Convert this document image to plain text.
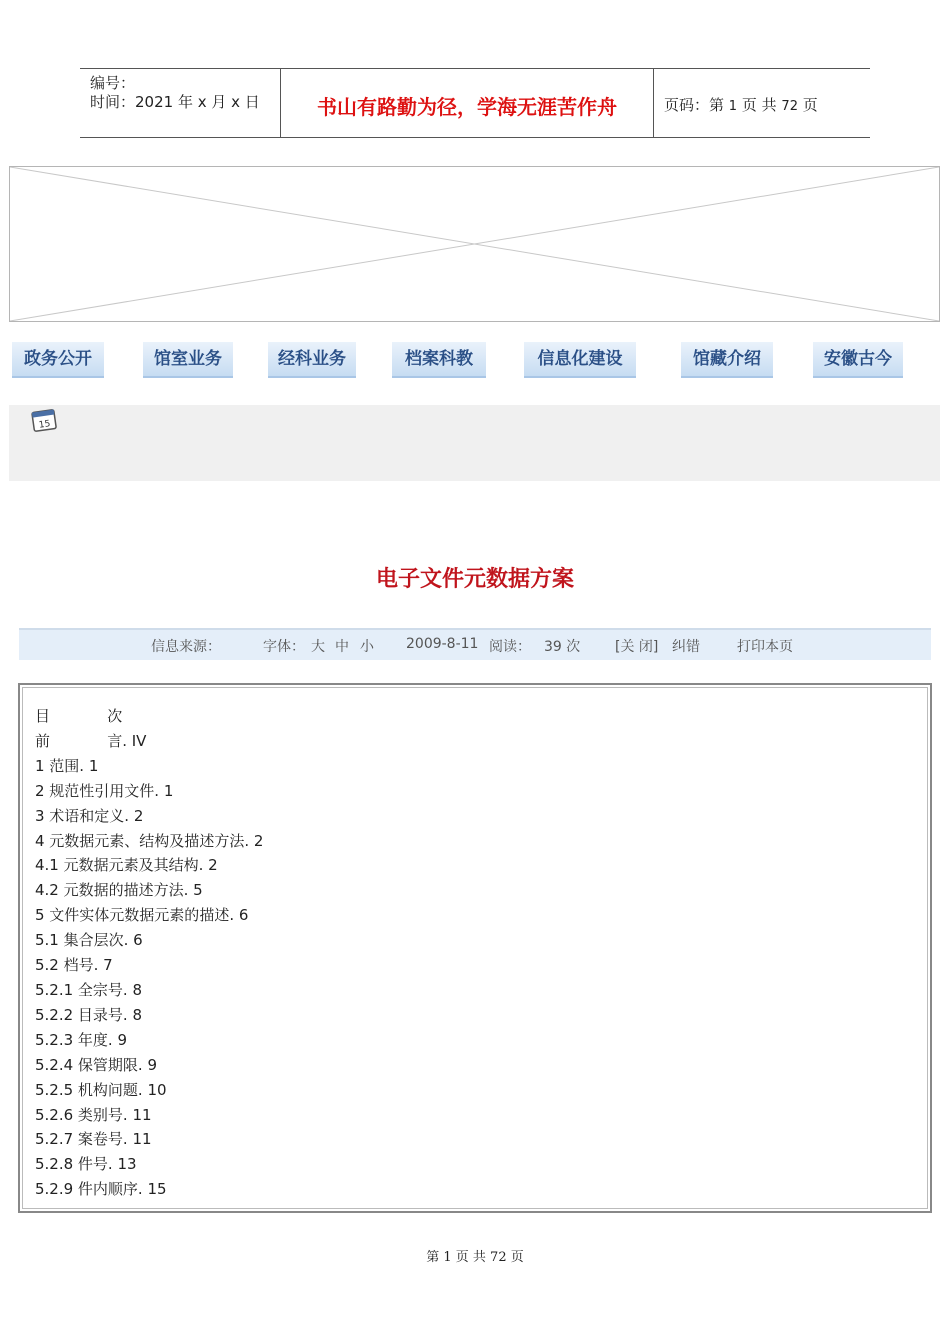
编号：
时间：2021 年 x 月 x 日	书山有路勤为径，学海无涯苦作舟	页码：第 1 页 共 72 页
政务公开	馆室业务	经科业务	档案科教	信息化建设	馆藏介绍	安徽古今
15
电子文件元数据方案
信息来源：	字体： 大 中 小 2009-8-11 阅读： 39 次 [关 闭] 纠错	打印本页
目            次
前            言. IV
1 范围. 1
2 规范性引用文件. 1
3 术语和定义. 2
4 元数据元素、结构及描述方法. 2
4.1 元数据元素及其结构. 2
4.2 元数据的描述方法. 5
5 文件实体元数据元素的描述. 6
5.1 集合层次. 6
5.2 档号. 7
5.2.1 全宗号. 8
5.2.2 目录号. 8
5.2.3 年度. 9
5.2.4 保管期限. 9
5.2.5 机构问题. 10
5.2.6 类别号. 11
5.2.7 案卷号. 11
5.2.8 件号. 13
5.2.9 件内顺序. 15
第 1 页 共 72 页
